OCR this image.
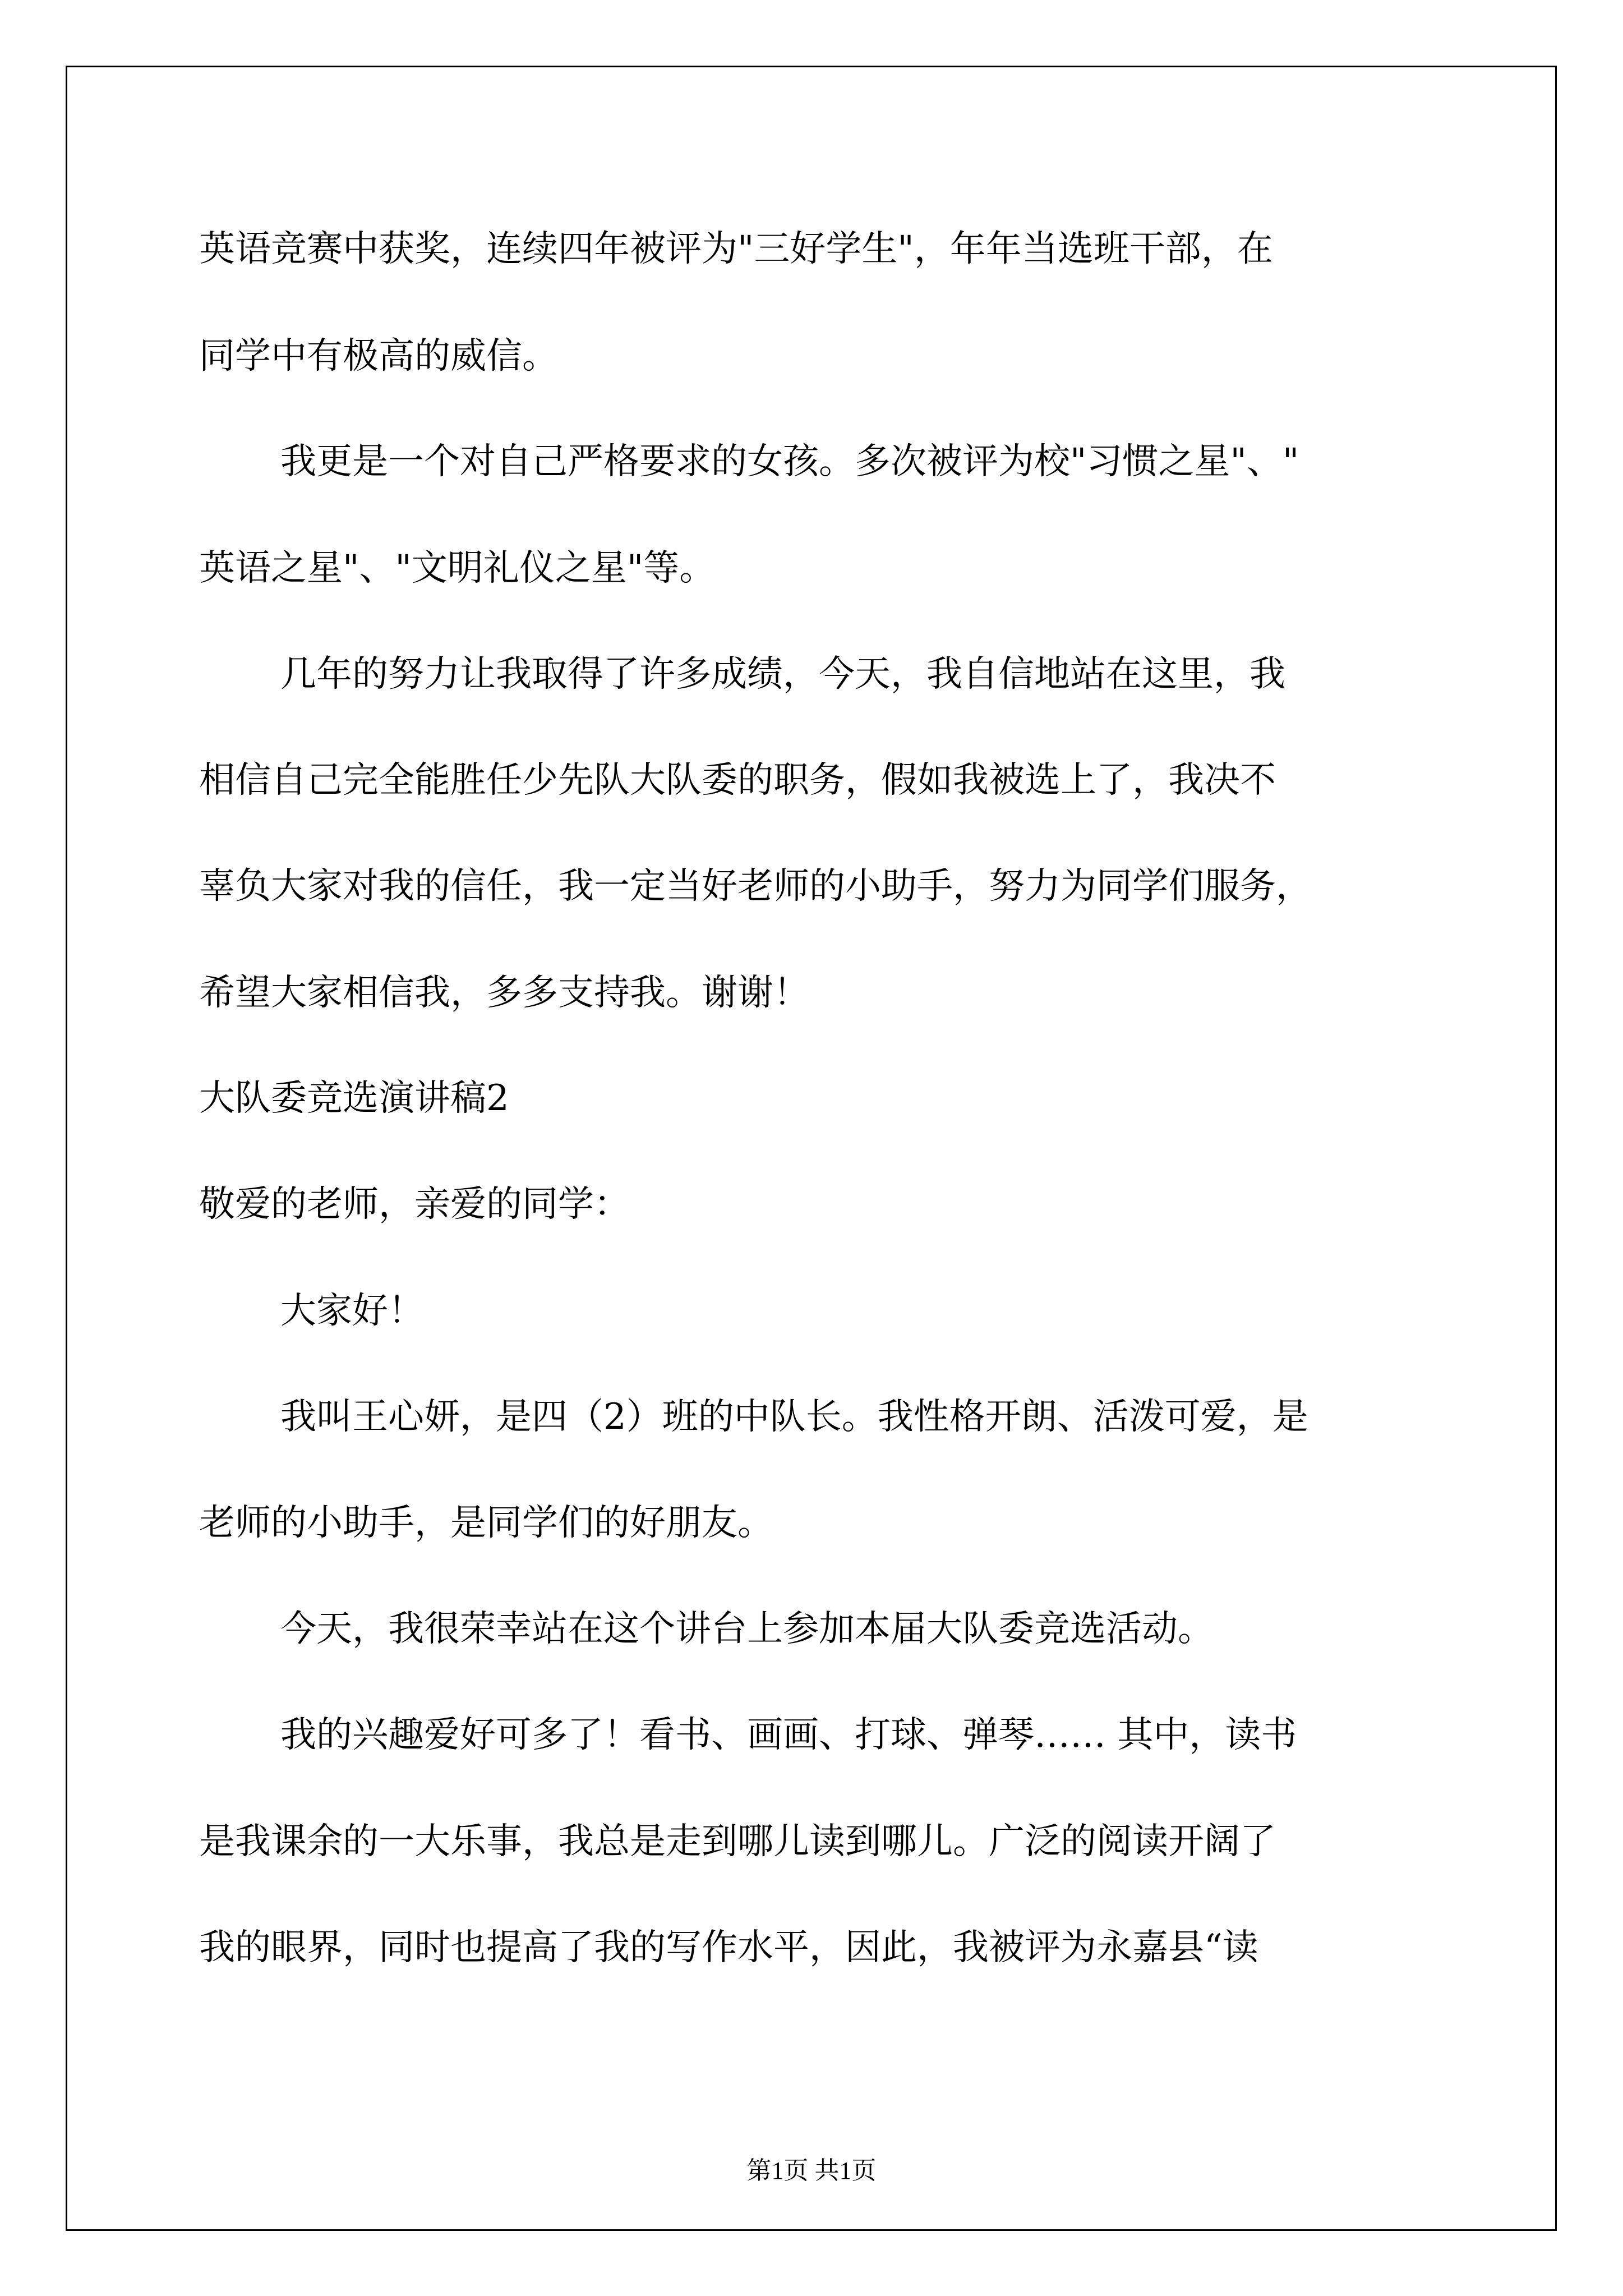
英语竞赛中获奖，连续四年被评为"三好学生"，年年当选班干部，在
同学中有极高的威信。
我更是一个对自己严格要求的女孩。多次被评为校"习惯之星"、"
英语之星"、"文明礼仪之星"等。
几年的努力让我取得了许多成绩，今天，我自信地站在这里，我
相信自己完全能胜任少先队大队委的职务，假如我被选上了，我决不
辜负大家对我的信任，我一定当好老师的小助手，努力为同学们服务，
希望大家相信我，多多支持我。谢谢！
大队委竞选演讲稿2
敬爱的老师，亲爱的同学：
大家好！
我叫王心妍，是四（2）班的中队长。我性格开朗、活泼可爱，是
老师的小助手，是同学们的好朋友。
今天，我很荣幸站在这个讲台上参加本届大队委竞选活动。
我的兴趣爱好可多了！看书、画画、打球、弹琴…… 其中，读书
是我课余的一大乐事，我总是走到哪儿读到哪儿。广泛的阅读开阔了
我的眼界，同时也提高了我的写作水平，因此，我被评为永嘉县“读
第1页 共1页
